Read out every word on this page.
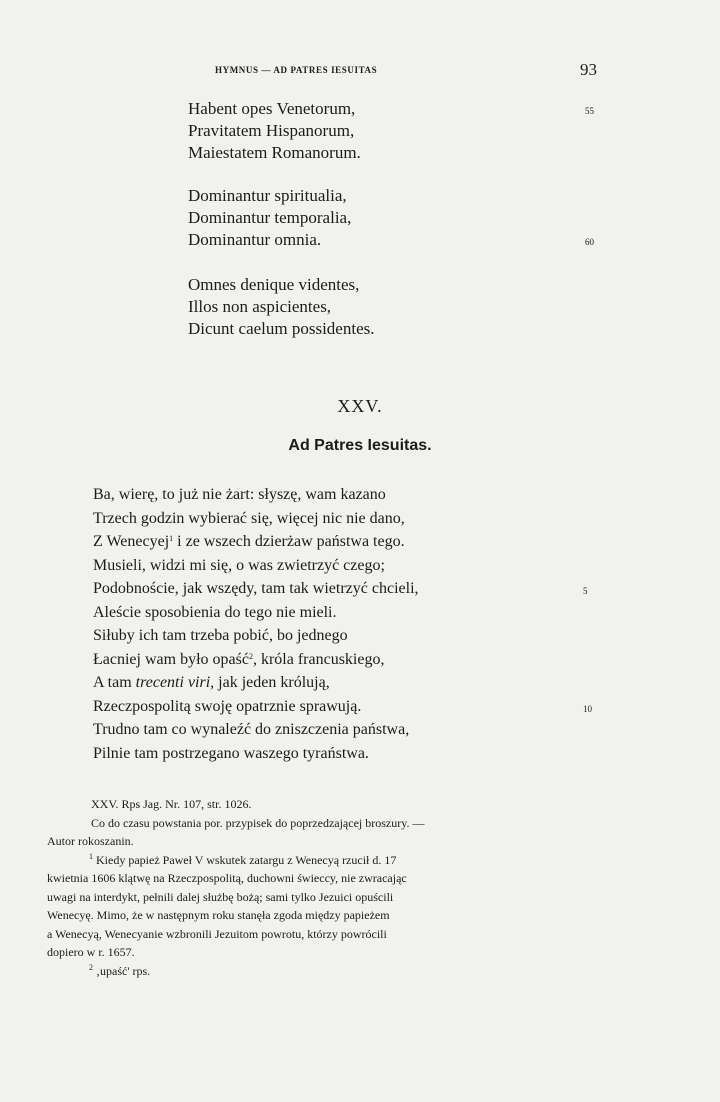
HYMNUS — AD PATRES IESUITAS	93
Habent opes Venetorum,	55
Pravitatem Hispanorum,
Maiestatem Romanorum.
Dominantur spiritualia,
Dominantur temporalia,
Dominantur omnia.	60
Omnes denique videntes,
Illos non aspicientes,
Dicunt caelum possidentes.
XXV.
Ad Patres Iesuitas.
Ba, wierę, to już nie żart: słyszę, wam kazano
Trzech godzin wybierać się, więcej nic nie dano,
Z Wenecyej$^1$ i ze wszech dzierżaw państwa tego.
Musieli, widzi mi się, o was zwietrzyć czego;
Podobnoście, jak wszędy, tam tak wietrzyć chcieli,	5
Aleście sposobienia do tego nie mieli.
Siłuby ich tam trzeba pobić, bo jednego
Łacniej wam było opaść$^2$, króla francuskiego,
A tam trecenti viri, jak jeden królują,
Rzeczpospolitą swoję opatrznie sprawują.	10
Trudno tam co wynaleźć do zniszczenia państwa,
Pilnie tam postrzegano waszego tyraństwa.
XXV. Rps Jag. Nr. 107, str. 1026.
Co do czasu powstania por. przypisek do poprzedzającej broszury. —
Autor rokoszanin.
$^1$ Kiedy papież Paweł V wskutek zatargu z Wenecyą rzucił d. 17
kwietnia 1606 klątwę na Rzeczpospolitą, duchowni świeccy, nie zwracając
uwagi na interdykt, pełnili dalej służbę bożą; sami tylko Jezuici opuścili
Wenecyę. Mimo, że w następnym roku stanęła zgoda między papieżem
a Wenecyą, Wenecyanie wzbronili Jezuitom powrotu, którzy powrócili
dopiero w r. 1657.
$^2$ ‚upaść' rps.
